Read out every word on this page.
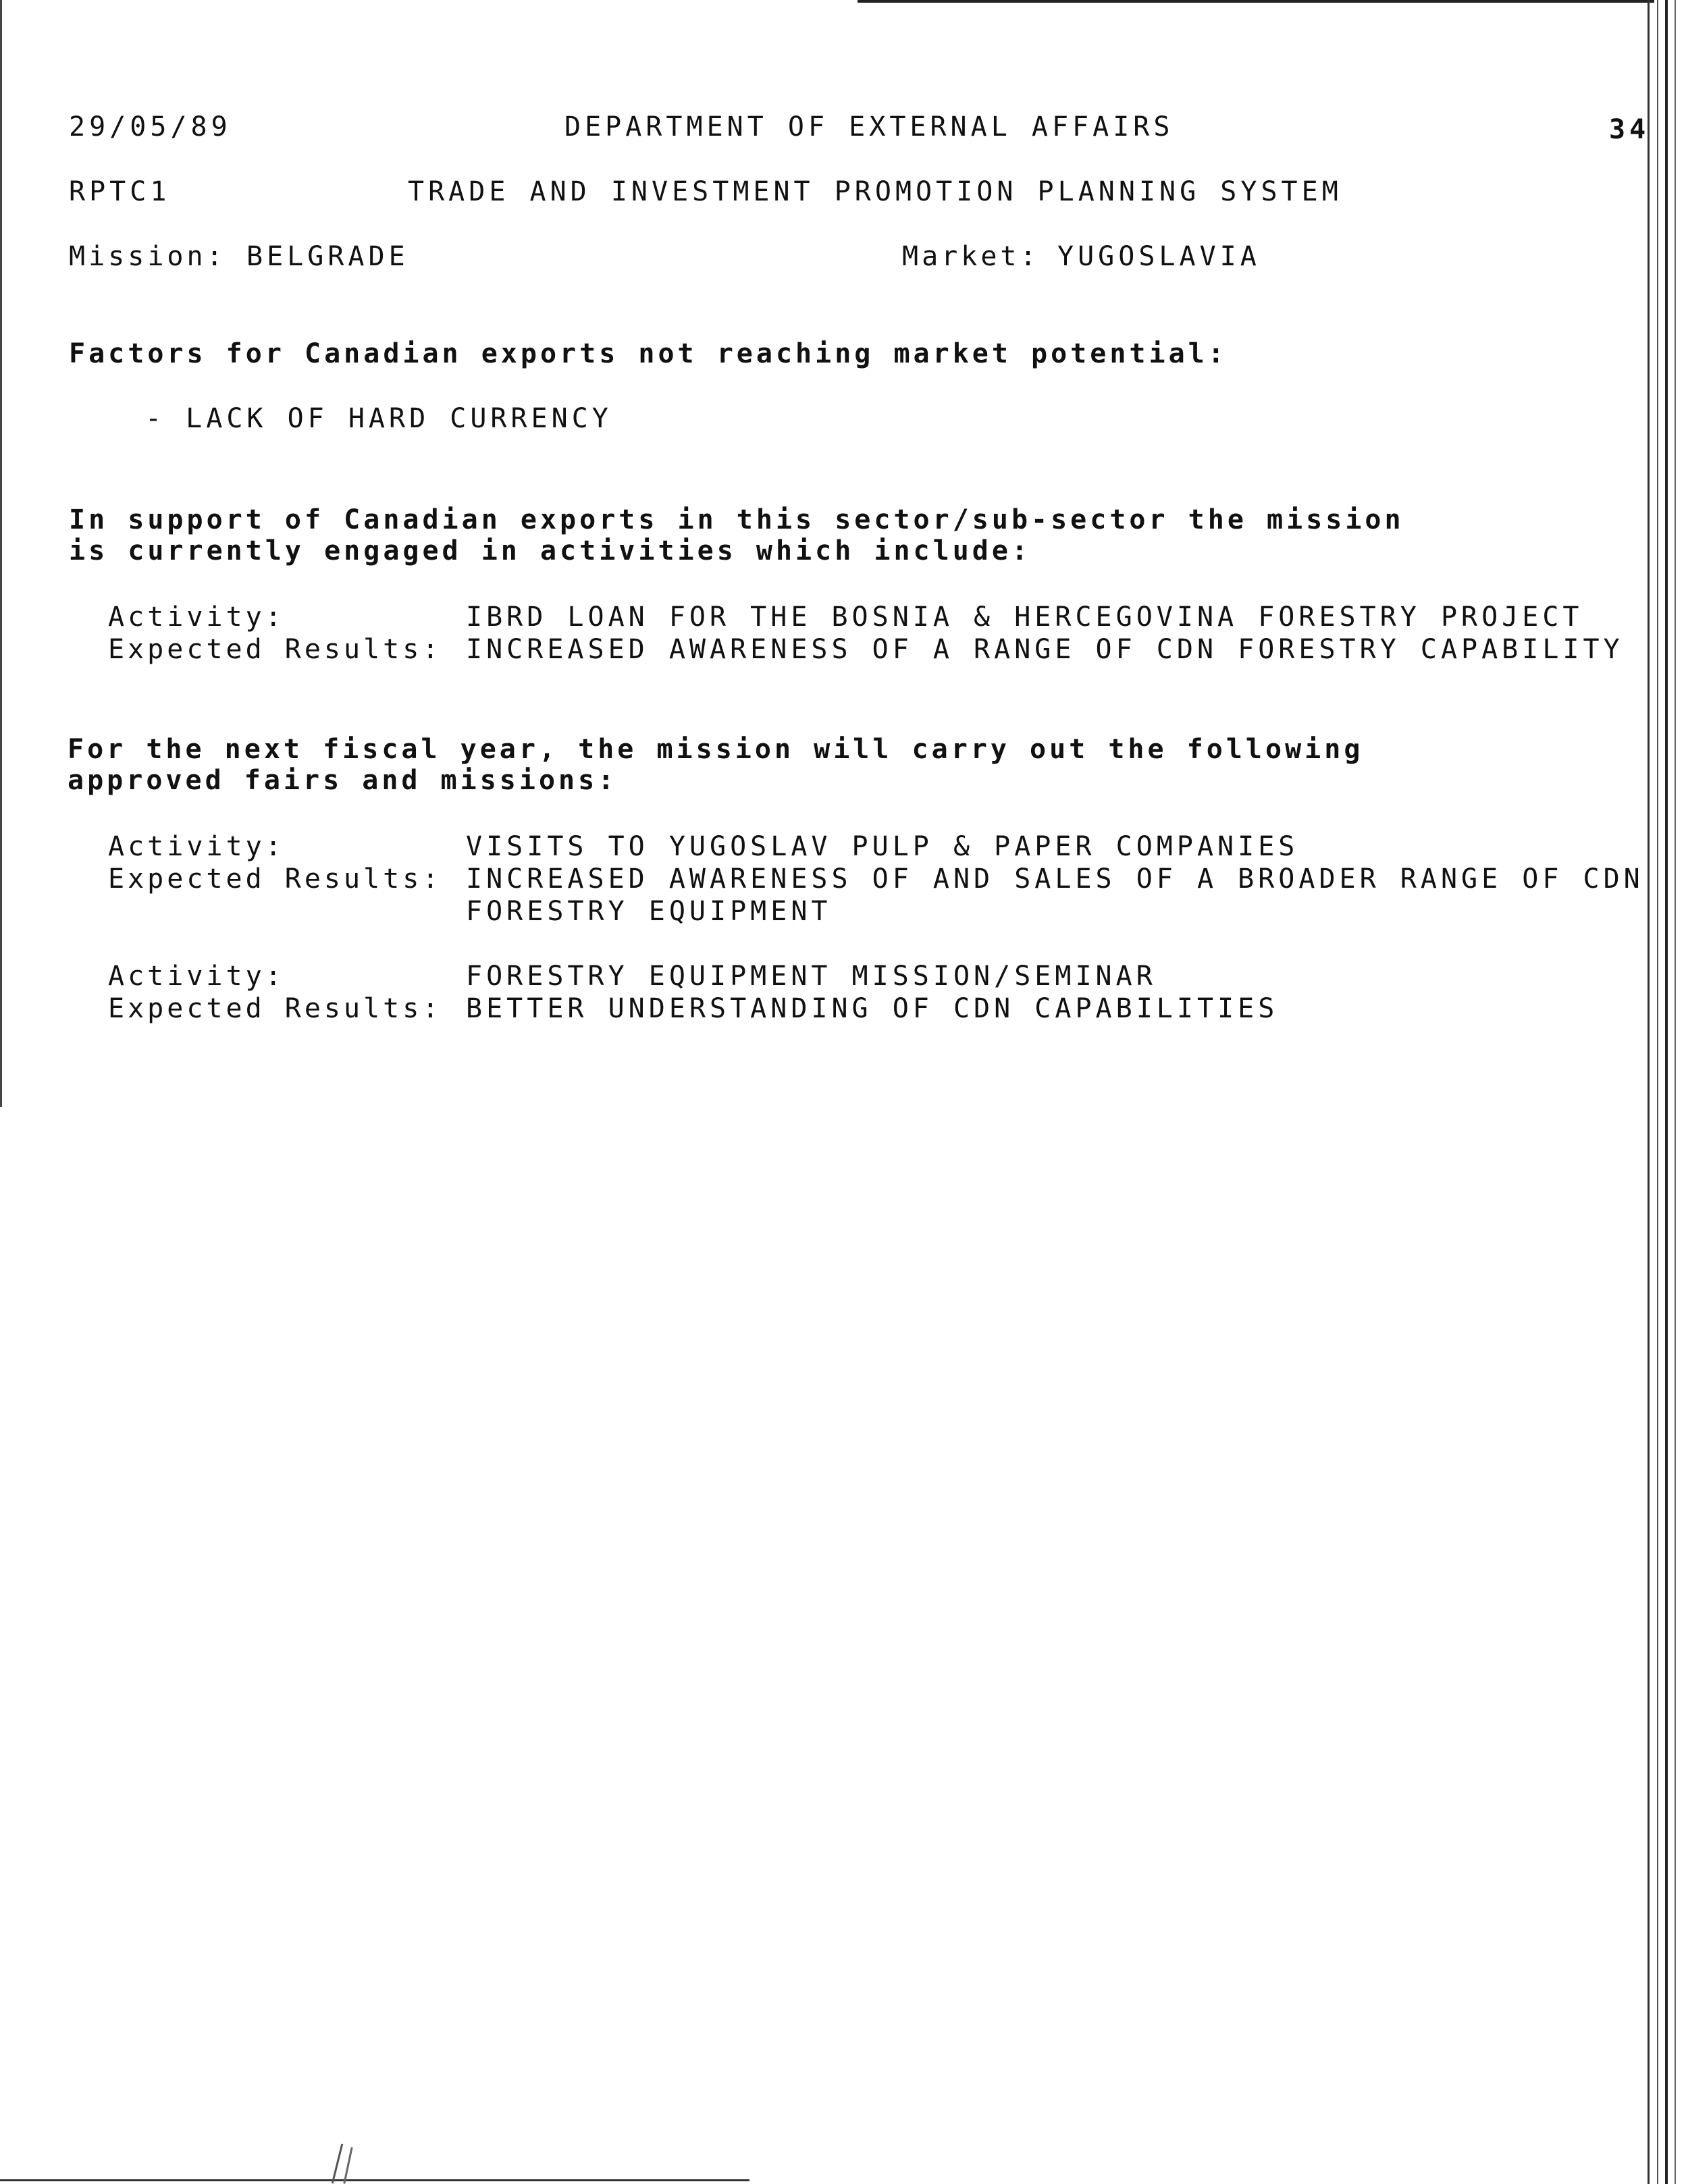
29/05/89	DEPARTMENT OF EXTERNAL AFFAIRS	34
RPTC1	TRADE AND INVESTMENT PROMOTION PLANNING SYSTEM
Mission: BELGRADE	Market: YUGOSLAVIA
Factors for Canadian exports not reaching market potential:
- LACK OF HARD CURRENCY
In support of Canadian exports in this sector/sub-sector the mission
is currently engaged in activities which include:
Activity:	IBRD LOAN FOR THE BOSNIA & HERCEGOVINA FORESTRY PROJECT
Expected Results: INCREASED AWARENESS OF A RANGE OF CDN FORESTRY CAPABILITY
For the next fiscal year, the mission will carry out the following
approved fairs and missions:
Activity:	VISITS TO YUGOSLAV PULP & PAPER COMPANIES
Expected Results: INCREASED AWARENESS OF AND SALES OF A BROADER RANGE OF CDN
FORESTRY EQUIPMENT
Activity:	FORESTRY EQUIPMENT MISSION/SEMINAR
Expected Results: BETTER UNDERSTANDING OF CDN CAPABILITIES
